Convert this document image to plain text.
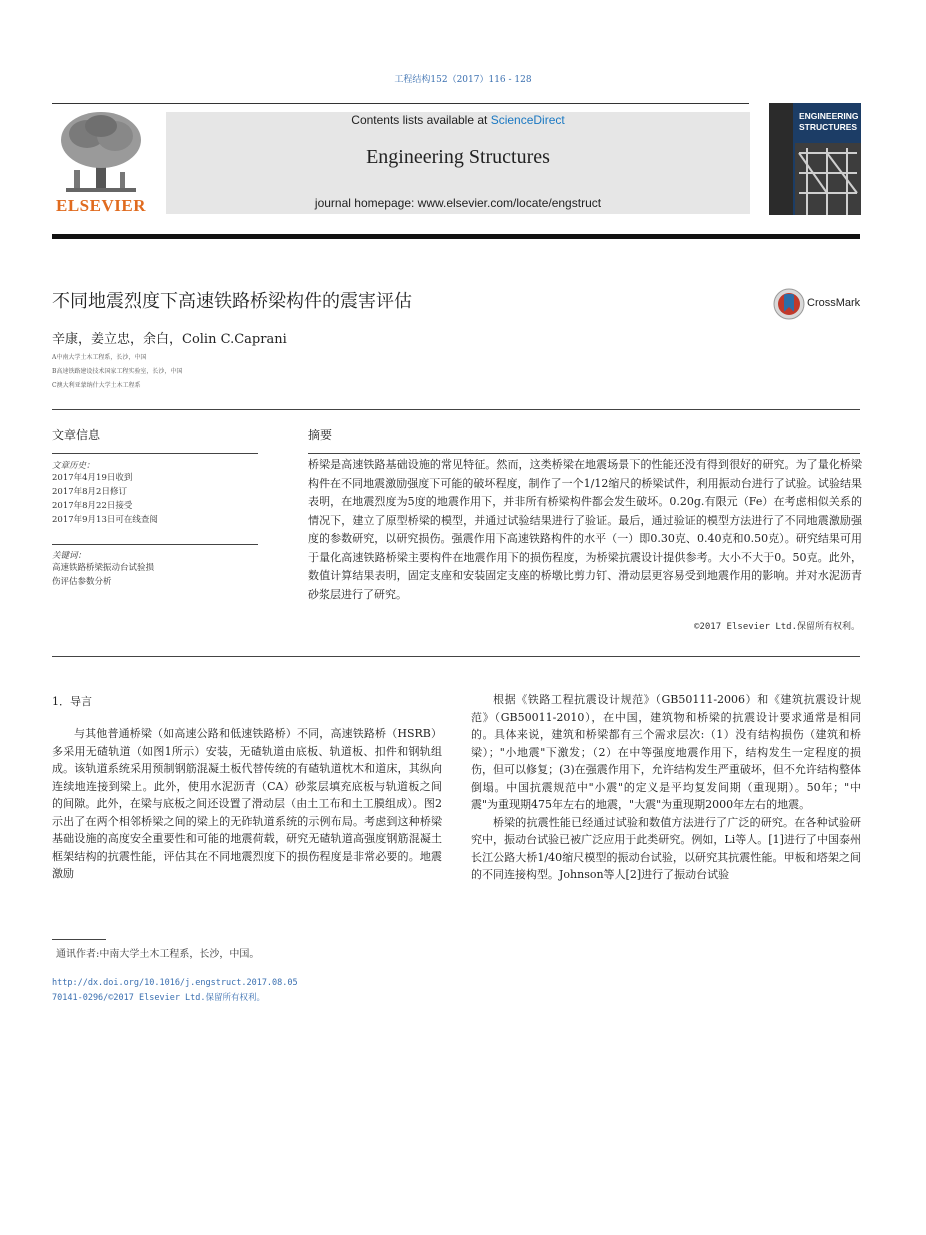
工程结构152（2017）116 - 128
ELSEVIER
Contents lists available at ScienceDirect
Engineering Structures
journal homepage: www.elsevier.com/locate/engstruct
ENGINEERING
STRUCTURES
不同地震烈度下高速铁路桥梁构件的震害评估	CrossMark
辛康，姜立忠，余白，Colin C.Caprani
A中南大学土木工程系，长沙，中国
B高速铁路建设技术国家工程实验室，长沙，中国
C澳大利亚蒙纳什大学土木工程系
文章信息	摘要
文章历史：
2017年4月19日收到
2017年8月2日修订
2017年8月22日接受
2017年9月13日可在线查阅
关键词：
高速铁路桥梁振动台试验损
伤评估参数分析
桥梁是高速铁路基础设施的常见特征。然而，这类桥梁在地震场景下的性能还没有得到很好的研究。为了量化桥梁构件在不同地震激励强度下可能的破坏程度，制作了一个1/12缩尺的桥梁试件，利用振动台进行了试验。试验结果表明，在地震烈度为5度的地震作用下，并非所有桥梁构件都会发生破坏。0.20g.有限元（Fe）在考虑相似关系的情况下，建立了原型桥梁的模型，并通过试验结果进行了验证。最后，通过验证的模型方法进行了不同地震激励强度的参数研究，以研究损伤。强震作用下高速铁路构件的水平（一）即0.30克、0.40克和0.50克）。研究结果可用于量化高速铁路桥梁主要构件在地震作用下的损伤程度，为桥梁抗震设计提供参考。大小不大于0。50克。此外，数值计算结果表明，固定支座和安装固定支座的桥墩比剪力钉、滑动层更容易受到地震作用的影响。并对水泥沥青砂浆层进行了研究。
©2017 Elsevier Ltd.保留所有权利。
1．导言
与其他普通桥梁（如高速公路和低速铁路桥）不同，高速铁路桥（HSRB）多采用无碴轨道（如图1所示）安装，无碴轨道由底板、轨道板、扣件和钢轨组成。该轨道系统采用预制钢筋混凝土板代替传统的有碴轨道枕木和道床，其纵向连续地连接到梁上。此外，使用水泥沥青（CA）砂浆层填充底板与轨道板之间的间隙。此外，在梁与底板之间还设置了滑动层（由土工布和土工膜组成）。图2示出了在两个相邻桥梁之间的梁上的无砟轨道系统的示例布局。考虑到这种桥梁基础设施的高度安全重要性和可能的地震荷载，研究无碴轨道高强度钢筋混凝土框架结构的抗震性能，评估其在不同地震烈度下的损伤程度是非常必要的。地震激励

根据《铁路工程抗震设计规范》（GB50111-2006）和《建筑抗震设计规范》（GB50011-2010），在中国，建筑物和桥梁的抗震设计要求通常是相同的。具体来说，建筑和桥梁都有三个需求层次:（1）没有结构损伤（建筑和桥梁）；"小地震"下激发；（2）在中等强度地震作用下，结构发生一定程度的损伤，但可以修复；(3)在强震作用下，允许结构发生严重破坏，但不允许结构整体倒塌。中国抗震规范中"小震"的定义是平均复发间期（重现期）。50年；"中震"为重现期475年左右的地震，"大震"为重现期2000年左右的地震。

桥梁的抗震性能已经通过试验和数值方法进行了广泛的研究。在各种试验研究中，振动台试验已被广泛应用于此类研究。例如，Li等人。[1]进行了中国泰州长江公路大桥1/40缩尺模型的振动台试验，以研究其抗震性能。甲板和塔架之间的不同连接构型。Johnson等人[2]进行了振动台试验

通讯作者:中南大学土木工程系，长沙，中国。
http://dx.doi.org/10.1016/j.engstruct.2017.08.05
70141-0296/©2017 Elsevier Ltd.保留所有权利。
